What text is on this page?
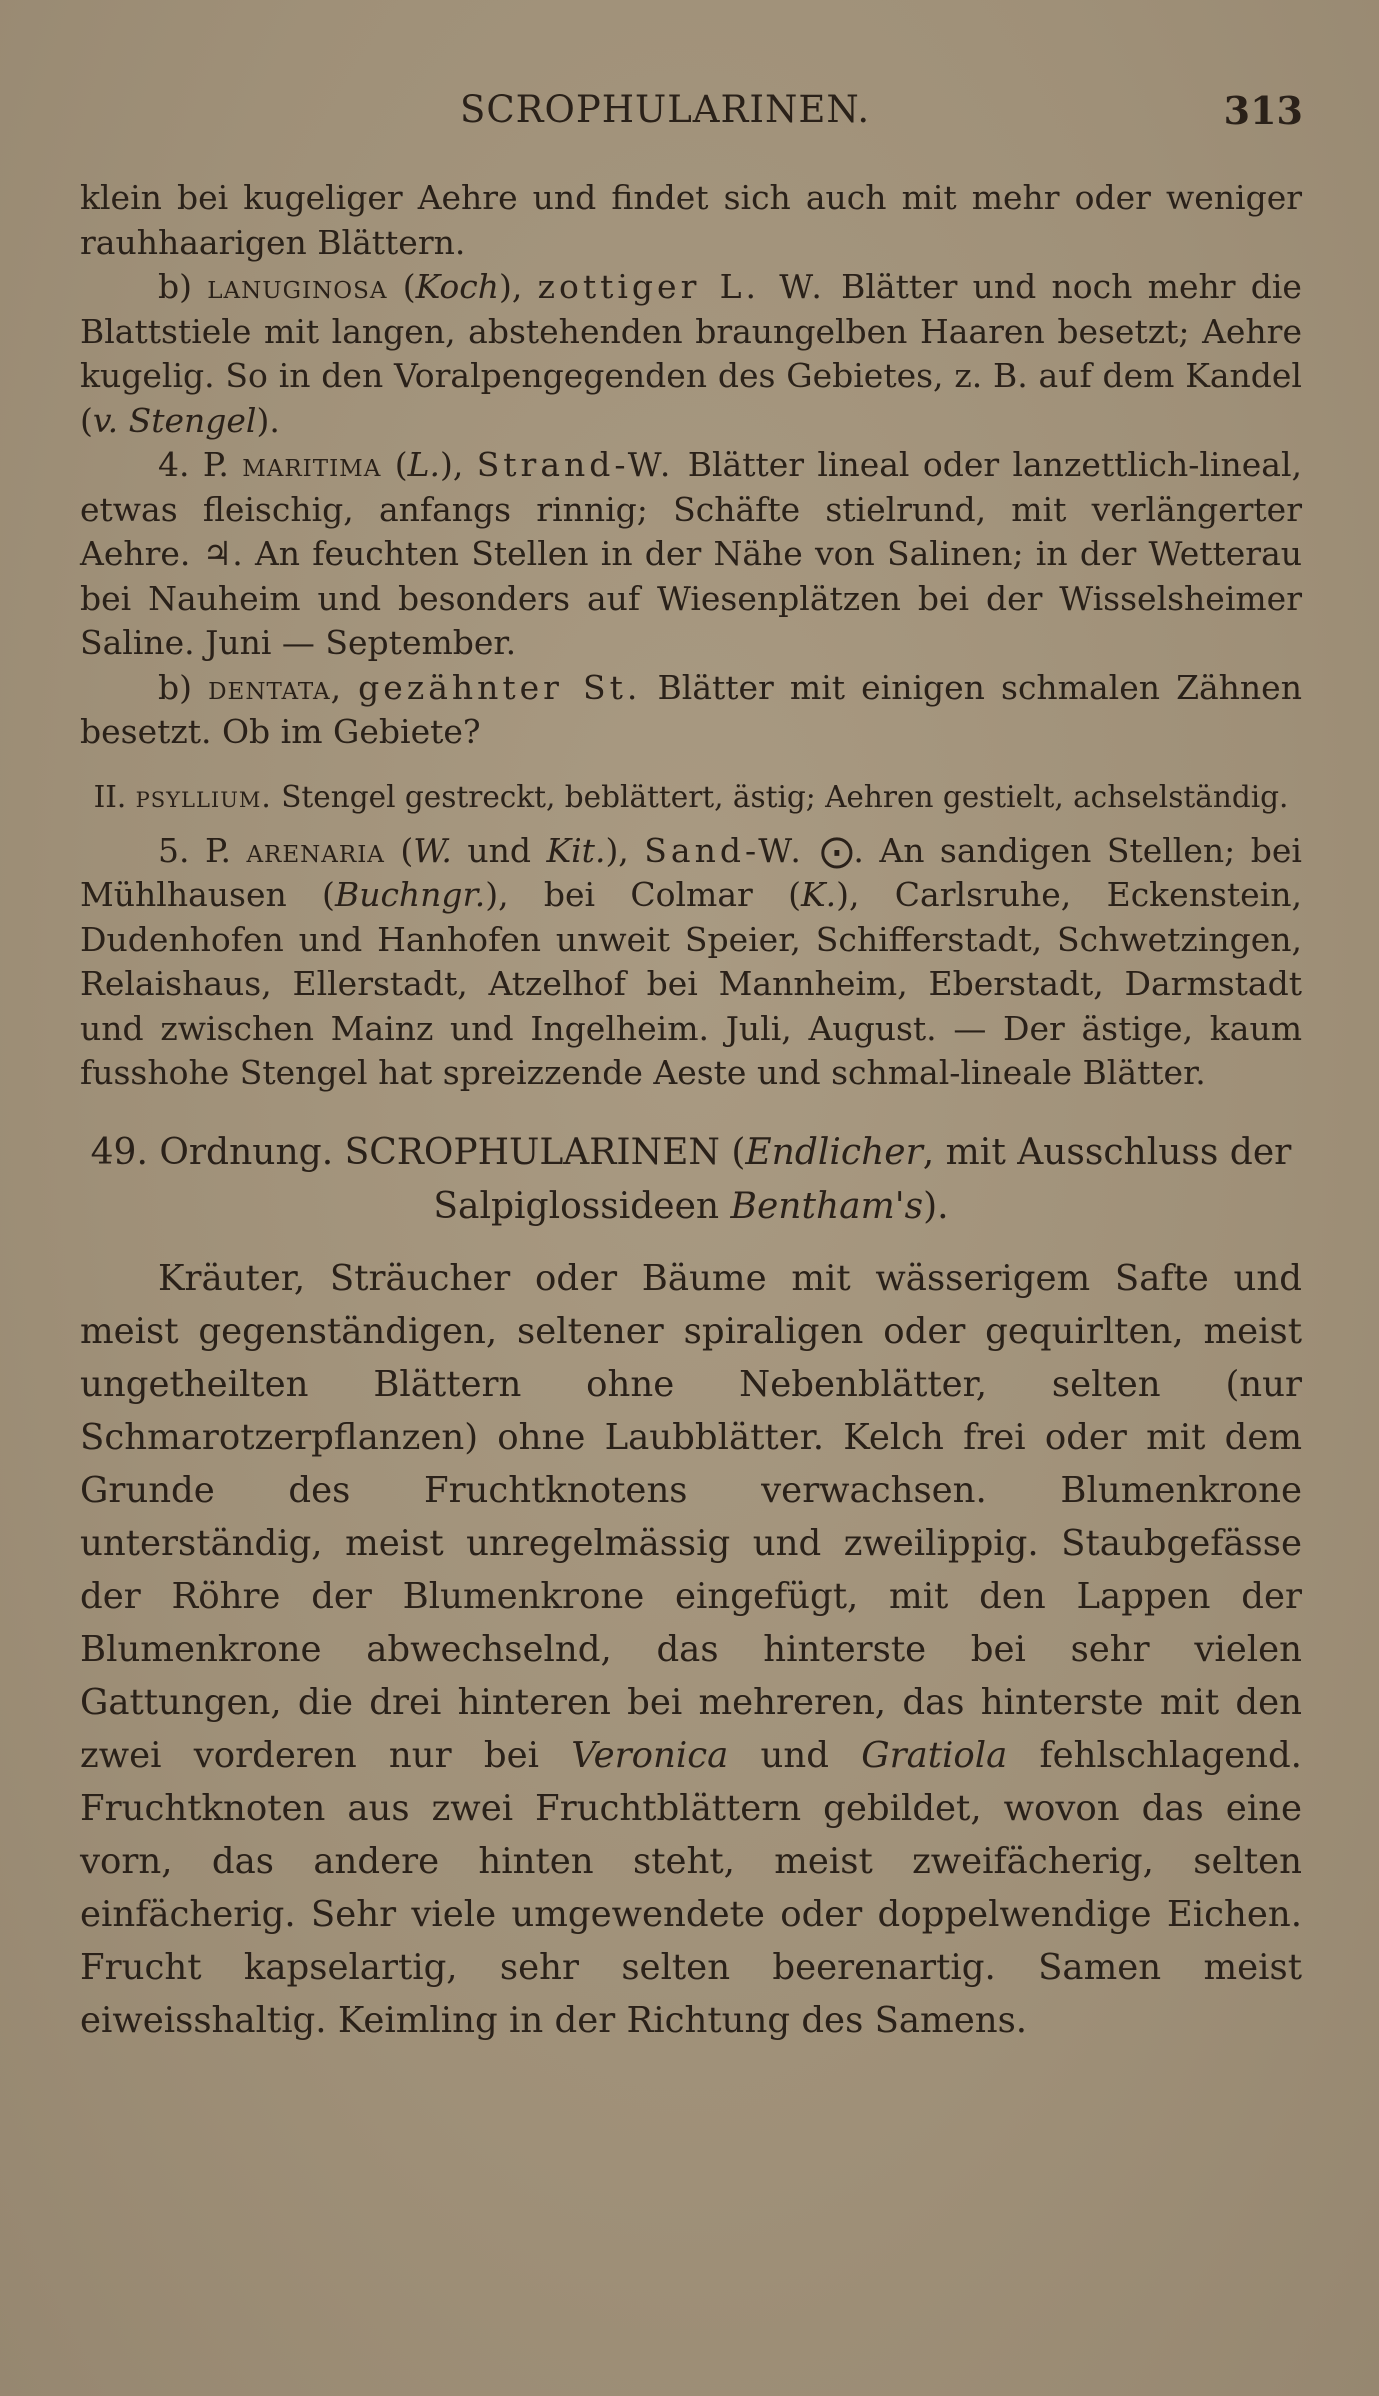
SCROPHULARINEN.	313

klein bei kugeliger Aehre und findet sich auch mit mehr oder weniger rauhhaarigen Blättern.

b) lanuginosa (Koch), zottiger L. W. Blätter und noch mehr die Blattstiele mit langen, abstehenden braungelben Haaren besetzt; Aehre kugelig. So in den Voralpengegenden des Gebietes, z. B. auf dem Kandel (v. Stengel).

4. P. maritima (L.), Strand-W. Blätter lineal oder lanzettlich-lineal, etwas fleischig, anfangs rinnig; Schäfte stielrund, mit verlängerter Aehre. ♃. An feuchten Stellen in der Nähe von Salinen; in der Wetterau bei Nauheim und besonders auf Wiesenplätzen bei der Wisselsheimer Saline. Juni — September.

b) dentata, gezähnter St. Blätter mit einigen schmalen Zähnen besetzt. Ob im Gebiete?

II. psyllium. Stengel gestreckt, beblättert, ästig; Aehren gestielt, achselständig.

5. P. arenaria (W. und Kit.), Sand-W. ⨀. An sandigen Stellen; bei Mühlhausen (Buchngr.), bei Colmar (K.), Carlsruhe, Eckenstein, Dudenhofen und Hanhofen unweit Speier, Schifferstadt, Schwetzingen, Relaishaus, Ellerstadt, Atzelhof bei Mannheim, Eberstadt, Darmstadt und zwischen Mainz und Ingelheim. Juli, August. — Der ästige, kaum fusshohe Stengel hat spreizzende Aeste und schmal-lineale Blätter.

49. Ordnung. SCROPHULARINEN (Endlicher, mit Ausschluss der Salpiglossideen Bentham's).

Kräuter, Sträucher oder Bäume mit wässerigem Safte und meist gegenständigen, seltener spiraligen oder gequirlten, meist ungetheilten Blättern ohne Nebenblätter, selten (nur Schmarotzerpflanzen) ohne Laubblätter. Kelch frei oder mit dem Grunde des Fruchtknotens verwachsen. Blumenkrone unterständig, meist unregelmässig und zweilippig. Staubgefässe der Röhre der Blumenkrone eingefügt, mit den Lappen der Blumenkrone abwechselnd, das hinterste bei sehr vielen Gattungen, die drei hinteren bei mehreren, das hinterste mit den zwei vorderen nur bei Veronica und Gratiola fehlschlagend. Fruchtknoten aus zwei Fruchtblättern gebildet, wovon das eine vorn, das andere hinten steht, meist zweifächerig, selten einfächerig. Sehr viele umgewendete oder doppelwendige Eichen. Frucht kapselartig, sehr selten beerenartig. Samen meist eiweisshaltig. Keimling in der Richtung des Samens.
